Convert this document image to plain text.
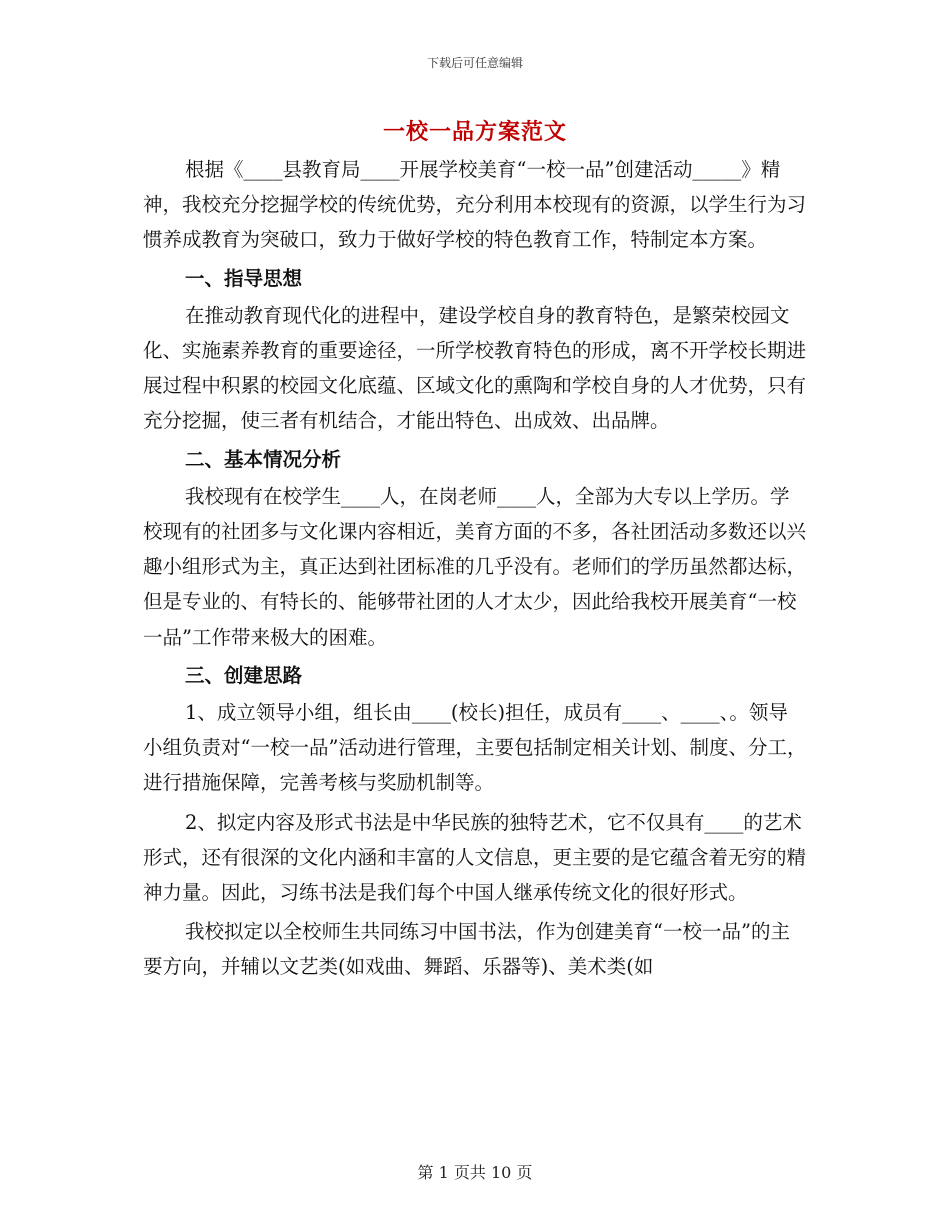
下载后可任意编辑
一校一品方案范文

根据《____县教育局____开展学校美育“一校一品”创建活动_____》精神，我校充分挖掘学校的传统优势，充分利用本校现有的资源，以学生行为习惯养成教育为突破口，致力于做好学校的特色教育工作，特制定本方案。

一、指导思想

在推动教育现代化的进程中，建设学校自身的教育特色，是繁荣校园文化、实施素养教育的重要途径，一所学校教育特色的形成，离不开学校长期进展过程中积累的校园文化底蕴、区域文化的熏陶和学校自身的人才优势，只有充分挖掘，使三者有机结合，才能出特色、出成效、出品牌。

二、基本情况分析

我校现有在校学生____人，在岗老师____人，全部为大专以上学历。学校现有的社团多与文化课内容相近，美育方面的不多，各社团活动多数还以兴趣小组形式为主，真正达到社团标准的几乎没有。老师们的学历虽然都达标，但是专业的、有特长的、能够带社团的人才太少，因此给我校开展美育“一校一品”工作带来极大的困难。

三、创建思路

1、成立领导小组，组长由____(校长)担任，成员有____、____、。领导小组负责对“一校一品”活动进行管理，主要包括制定相关计划、制度、分工，进行措施保障，完善考核与奖励机制等。

2、拟定内容及形式书法是中华民族的独特艺术，它不仅具有____的艺术形式，还有很深的文化内涵和丰富的人文信息，更主要的是它蕴含着无穷的精神力量。因此，习练书法是我们每个中国人继承传统文化的很好形式。

我校拟定以全校师生共同练习中国书法，作为创建美育“一校一品”的主要方向，并辅以文艺类(如戏曲、舞蹈、乐器等)、美术类(如

第 1 页共 10 页
